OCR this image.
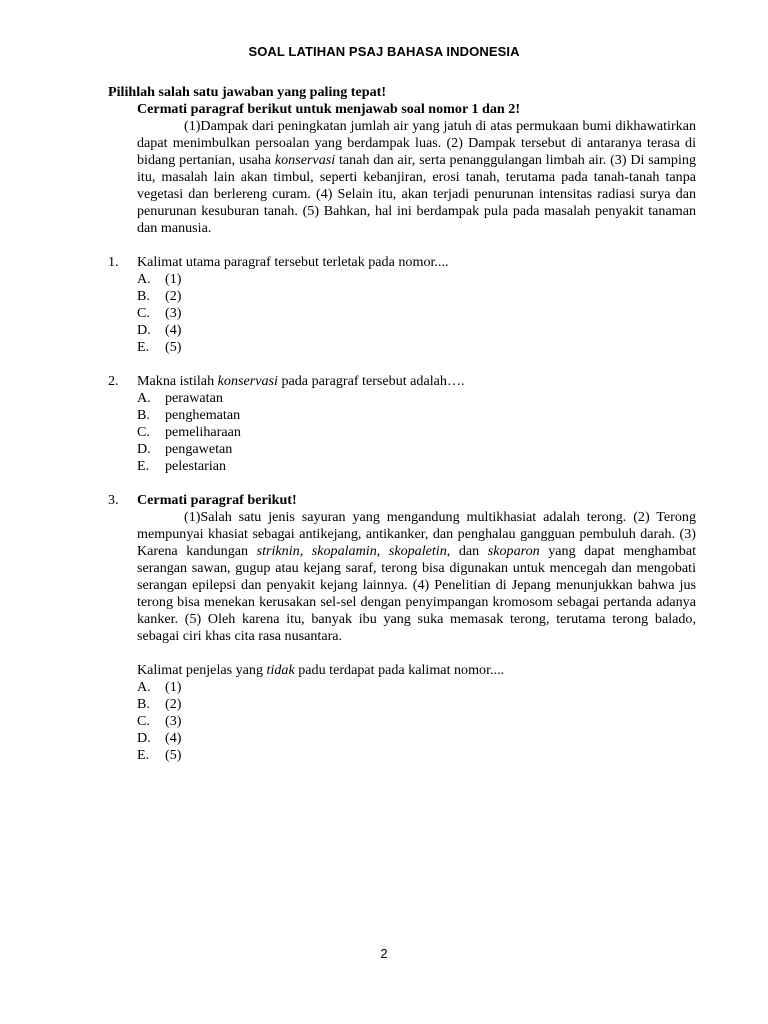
SOAL LATIHAN PSAJ BAHASA INDONESIA
Pilihlah salah satu jawaban yang paling tepat!
Cermati paragraf berikut untuk menjawab soal nomor 1 dan 2!
(1)Dampak dari peningkatan jumlah air yang jatuh di atas permukaan bumi dikhawatirkan dapat menimbulkan persoalan yang berdampak luas. (2) Dampak tersebut di antaranya terasa di bidang pertanian, usaha konservasi tanah dan air, serta penanggulangan limbah air. (3) Di samping itu, masalah lain akan timbul, seperti kebanjiran, erosi tanah, terutama pada tanah-tanah tanpa vegetasi dan berlereng curam. (4) Selain itu, akan terjadi penurunan intensitas radiasi surya dan penurunan kesuburan tanah. (5) Bahkan, hal ini berdampak pula pada masalah penyakit tanaman dan manusia.
1. Kalimat utama paragraf tersebut terletak pada nomor....
A. (1)
B. (2)
C. (3)
D. (4)
E. (5)
2. Makna istilah konservasi pada paragraf tersebut adalah….
A. perawatan
B. penghematan
C. pemeliharaan
D. pengawetan
E. pelestarian
3. Cermati paragraf berikut!
(1)Salah satu jenis sayuran yang mengandung multikhasiat adalah terong. (2) Terong mempunyai khasiat sebagai antikejang, antikanker, dan penghalau gangguan pembuluh darah. (3) Karena kandungan striknin, skopalamin, skopaletin, dan skoparon yang dapat menghambat serangan sawan, gugup atau kejang saraf, terong bisa digunakan untuk mencegah dan mengobati serangan epilepsi dan penyakit kejang lainnya. (4) Penelitian di Jepang menunjukkan bahwa jus terong bisa menekan kerusakan sel-sel dengan penyimpangan kromosom sebagai pertanda adanya kanker. (5) Oleh karena itu, banyak ibu yang suka memasak terong, terutama terong balado, sebagai ciri khas cita rasa nusantara.
Kalimat penjelas yang tidak padu terdapat pada kalimat nomor....
A. (1)
B. (2)
C. (3)
D. (4)
E. (5)
2
